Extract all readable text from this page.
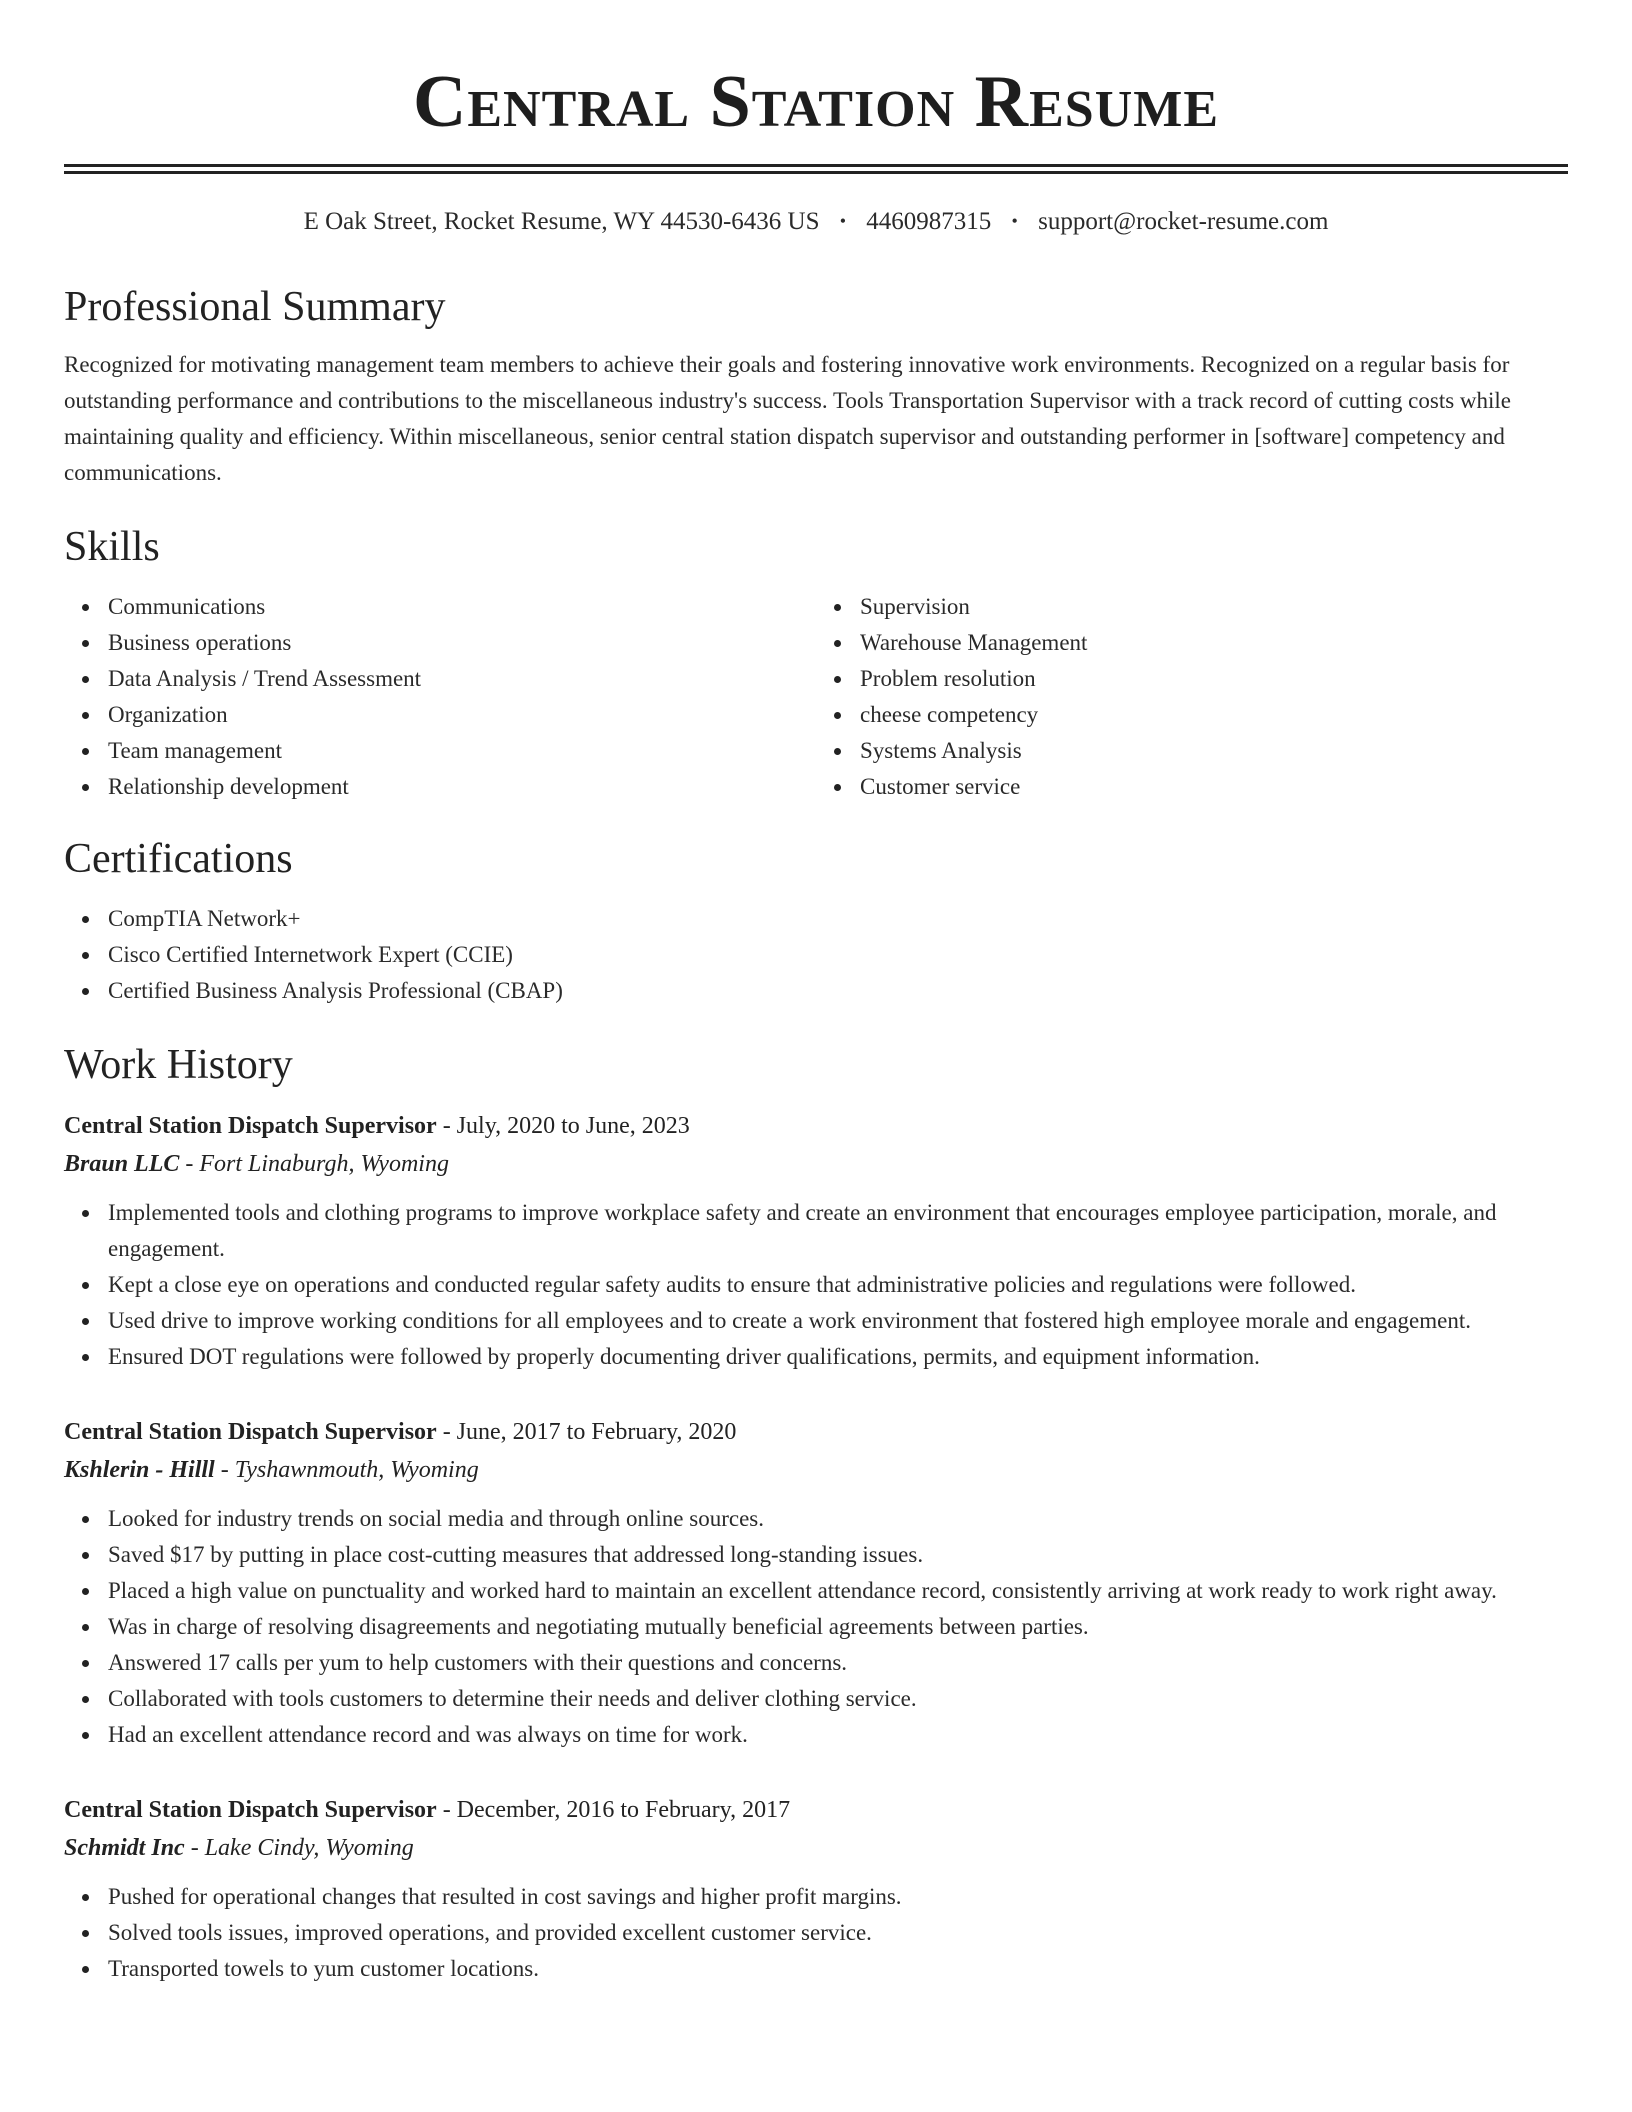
Central Station Resume
E Oak Street, Rocket Resume, WY 44530-6436 US • 4460987315 • support@rocket-resume.com
Professional Summary

Recognized for motivating management team members to achieve their goals and fostering innovative work environments. Recognized on a regular basis for outstanding performance and contributions to the miscellaneous industry's success. Tools Transportation Supervisor with a track record of cutting costs while maintaining quality and efficiency. Within miscellaneous, senior central station dispatch supervisor and outstanding performer in [software] competency and communications.

Skills
Communications
Business operations
Data Analysis / Trend Assessment
Organization
Team management
Relationship development
Supervision
Warehouse Management
Problem resolution
cheese competency
Systems Analysis
Customer service
Certifications
CompTIA Network+
Cisco Certified Internetwork Expert (CCIE)
Certified Business Analysis Professional (CBAP)
Work History
Central Station Dispatch Supervisor - July, 2020 to June, 2023
Braun LLC - Fort Linaburgh, Wyoming
Implemented tools and clothing programs to improve workplace safety and create an environment that encourages employee participation, morale, and engagement.
Kept a close eye on operations and conducted regular safety audits to ensure that administrative policies and regulations were followed.
Used drive to improve working conditions for all employees and to create a work environment that fostered high employee morale and engagement.
Ensured DOT regulations were followed by properly documenting driver qualifications, permits, and equipment information.
Central Station Dispatch Supervisor - June, 2017 to February, 2020
Kshlerin - Hilll - Tyshawnmouth, Wyoming
Looked for industry trends on social media and through online sources.
Saved $17 by putting in place cost-cutting measures that addressed long-standing issues.
Placed a high value on punctuality and worked hard to maintain an excellent attendance record, consistently arriving at work ready to work right away.
Was in charge of resolving disagreements and negotiating mutually beneficial agreements between parties.
Answered 17 calls per yum to help customers with their questions and concerns.
Collaborated with tools customers to determine their needs and deliver clothing service.
Had an excellent attendance record and was always on time for work.
Central Station Dispatch Supervisor - December, 2016 to February, 2017
Schmidt Inc - Lake Cindy, Wyoming
Pushed for operational changes that resulted in cost savings and higher profit margins.
Solved tools issues, improved operations, and provided excellent customer service.
Transported towels to yum customer locations.
